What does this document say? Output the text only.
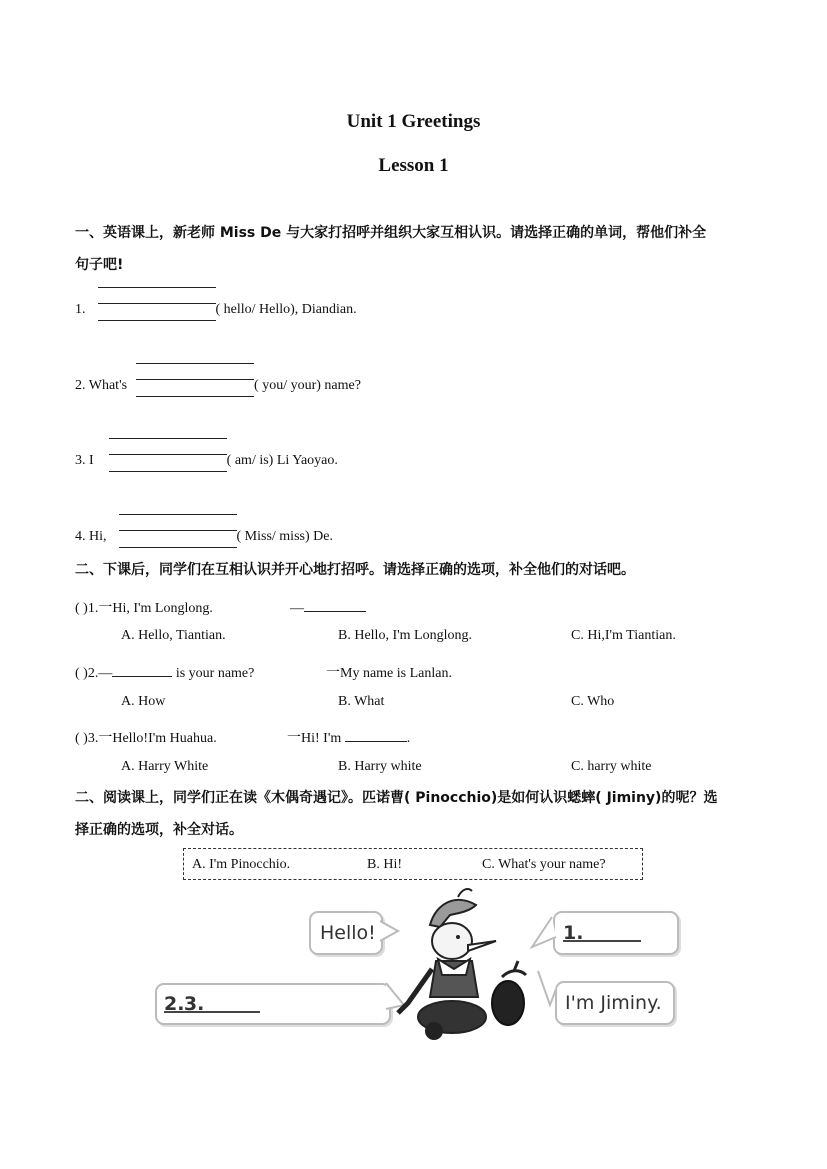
Unit 1 Greetings
Lesson 1
一、英语课上，新老师 Miss De 与大家打招呼并组织大家互相认识。请选择正确的单词，帮他们补全
句子吧!
1.	( hello/ Hello), Diandian.
2. What's	( you/ your) name?
3. I	( am/ is) Li Yaoyao.
4. Hi,	( Miss/ miss) De.
二、下课后，同学们在互相认识并开心地打招呼。请选择正确的选项，补全他们的对话吧。
( )1.一Hi, I'm Longlong.	—
A. Hello, Tiantian.	B. Hello, I'm Longlong.	C. Hi,I'm Tiantian.
( )2.—	is your name?	一My name is Lanlan.
A. How	B. What	C. Who
( )3.一Hello!I'm Huahua.	一Hi! I'm	.
A. Harry White	B. Harry white	C. harry white
二、阅读课上，同学们正在读《木偶奇遇记》。匹诺曹( Pinocchio)是如何认识蟋蟀( Jiminy)的呢？选
择正确的选项，补全对话。
A. I'm Pinocchio.	B. Hi!	C. What's your name?
Hello!	1.
2.
3.	I'm Jiminy.
